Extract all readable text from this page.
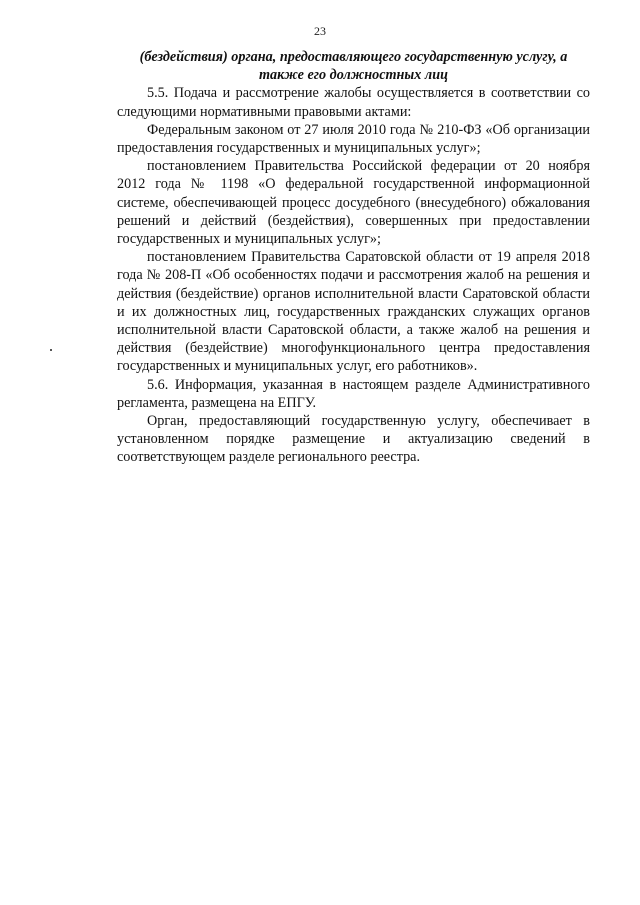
23

(бездействия) органа, предоставляющего государственную услугу, а также его должностных лиц

5.5. Подача и рассмотрение жалобы осуществляется в соответствии со следующими нормативными правовыми актами:

Федеральным законом от 27 июля 2010 года № 210-ФЗ «Об организации предоставления государственных и муниципальных услуг»;

постановлением Правительства Российской федерации от 20 ноября 2012 года № 1198 «О федеральной государственной информационной системе, обеспечивающей процесс досудебного (внесудебного) обжалования решений и действий (бездействия), совершенных при предоставлении государственных и муниципальных услуг»;

постановлением Правительства Саратовской области от 19 апреля 2018 года № 208-П «Об особенностях подачи и рассмотрения жалоб на решения и действия (бездействие) органов исполнительной власти Саратовской области и их должностных лиц, государственных гражданских служащих органов исполнительной власти Саратовской области, а также жалоб на решения и действия (бездействие) многофункционального центра предоставления государственных и муниципальных услуг, его работников».

5.6. Информация, указанная в настоящем разделе Административного регламента, размещена на ЕПГУ.

Орган, предоставляющий государственную услугу, обеспечивает в установленном порядке размещение и актуализацию сведений в соответствующем разделе регионального реестра.
